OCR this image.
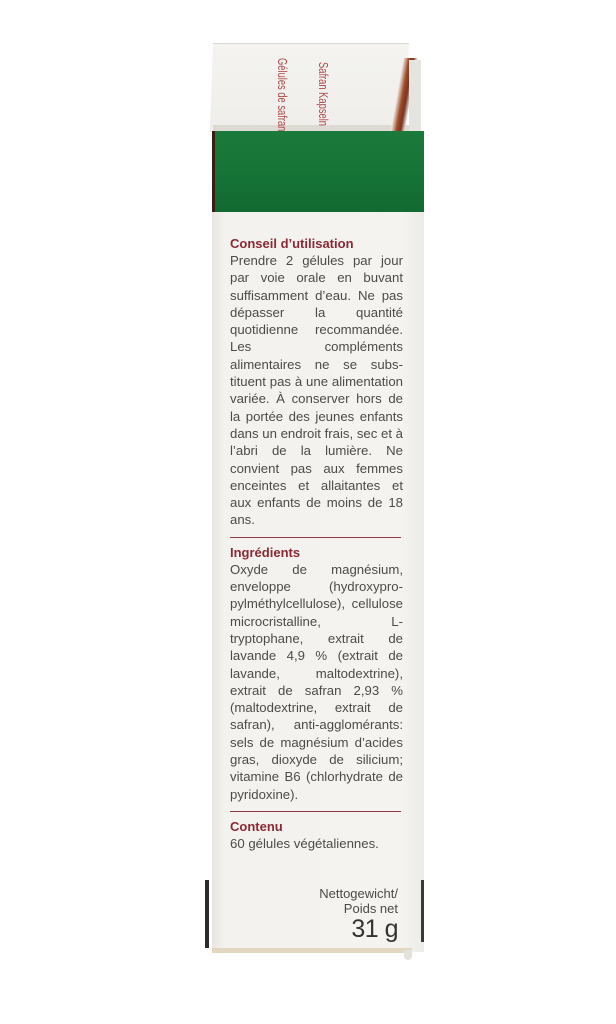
Safran Kapseln
Gélules de safran

Conseil d’utilisation

Prendre 2 gélules par jour par voie orale en buvant suffisamment d’eau. Ne pas dépasser la quantité quotidienne recommandée. Les compléments alimentaires ne se substituent pas à une alimentation variée. À conserver hors de la portée des jeunes enfants dans un endroit frais, sec et à l’abri de la lumière. Ne convient pas aux femmes enceintes et allaitantes et aux enfants de moins de 18 ans.

Ingrédients

Oxyde de magnésium, enveloppe (hydroxypropylméthylcellulose), cellulose microcristalline, L-tryptophane, extrait de lavande 4,9 % (extrait de lavande, maltodextrine), extrait de safran 2,93 % (maltodextrine, extrait de safran), anti-agglomérants: sels de magnésium d’acides gras, dioxyde de silicium; vitamine B6 (chlorhydrate de pyridoxine).

Contenu

60 gélules végétaliennes.

Nettogewicht/
Poids net
31 g
